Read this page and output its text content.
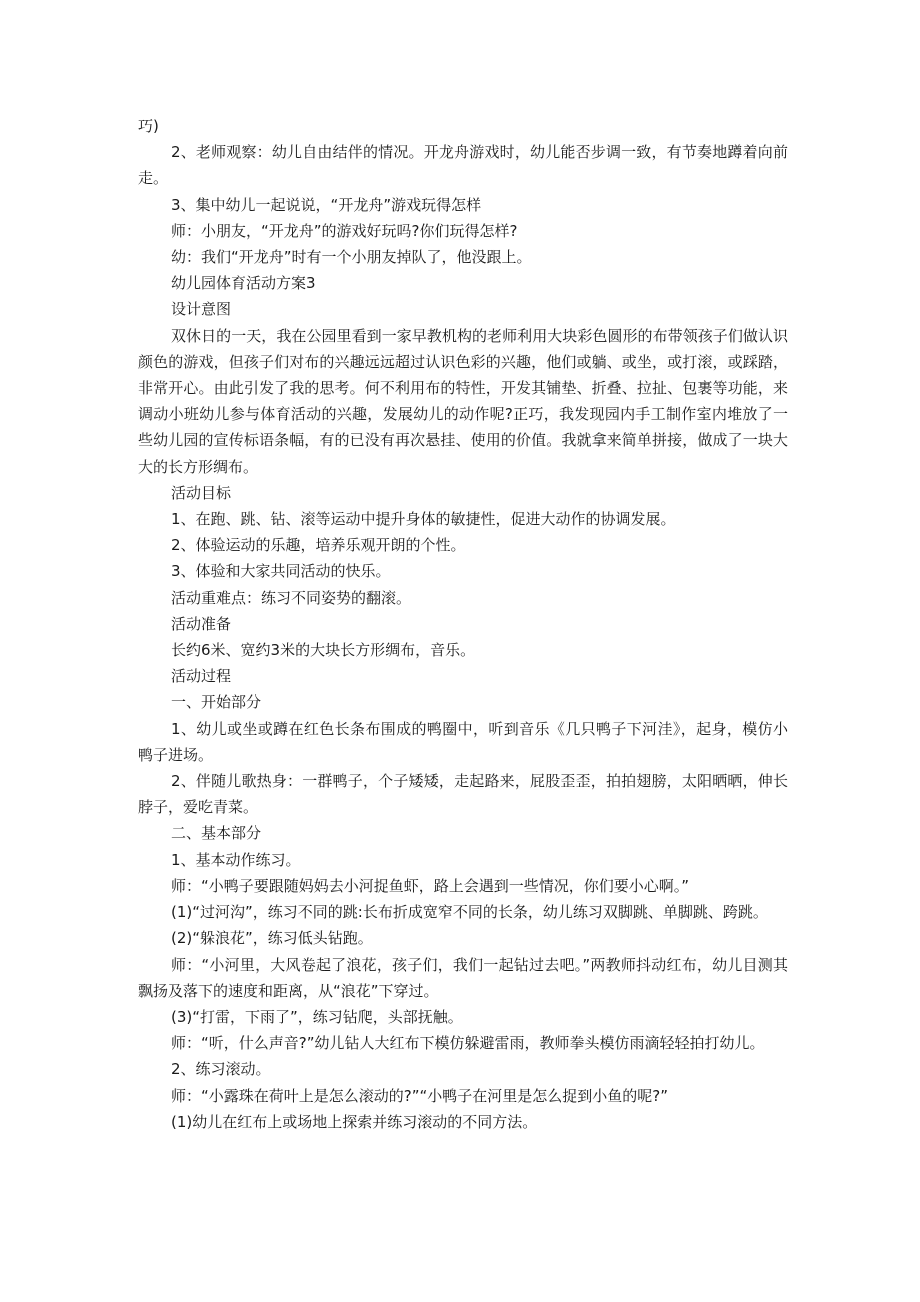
巧)

2、老师观察：幼儿自由结伴的情况。开龙舟游戏时，幼儿能否步调一致，有节奏地蹲着向前走。

3、集中幼儿一起说说，“开龙舟”游戏玩得怎样

师：小朋友，“开龙舟”的游戏好玩吗?你们玩得怎样?

幼：我们“开龙舟”时有一个小朋友掉队了，他没跟上。

幼儿园体育活动方案3

设计意图

双休日的一天，我在公园里看到一家早教机构的老师利用大块彩色圆形的布带领孩子们做认识颜色的游戏，但孩子们对布的兴趣远远超过认识色彩的兴趣，他们或躺、或坐，或打滚，或踩踏，非常开心。由此引发了我的思考。何不利用布的特性，开发其铺垫、折叠、拉扯、包裹等功能，来调动小班幼儿参与体育活动的兴趣，发展幼儿的动作呢?正巧，我发现园内手工制作室内堆放了一些幼儿园的宣传标语条幅，有的已没有再次悬挂、使用的价值。我就拿来简单拼接，做成了一块大大的长方形绸布。

活动目标

1、在跑、跳、钻、滚等运动中提升身体的敏捷性，促进大动作的协调发展。

2、体验运动的乐趣，培养乐观开朗的个性。

3、体验和大家共同活动的快乐。

活动重难点：练习不同姿势的翻滚。

活动准备

长约6米、宽约3米的大块长方形绸布，音乐。

活动过程

一、开始部分

1、幼儿或坐或蹲在红色长条布围成的鸭圈中，听到音乐《几只鸭子下河洼》，起身，模仿小鸭子进场。

2、伴随儿歌热身：一群鸭子，个子矮矮，走起路来，屁股歪歪，拍拍翅膀，太阳晒晒，伸长脖子，爱吃青菜。

二、基本部分

1、基本动作练习。

师：“小鸭子要跟随妈妈去小河捉鱼虾，路上会遇到一些情况，你们要小心啊。”

(1)“过河沟”，练习不同的跳:长布折成宽窄不同的长条，幼儿练习双脚跳、单脚跳、跨跳。

(2)“躲浪花”，练习低头钻跑。

师：“小河里，大风卷起了浪花，孩子们，我们一起钻过去吧。”两教师抖动红布，幼儿目测其飘扬及落下的速度和距离，从“浪花”下穿过。

(3)“打雷，下雨了”，练习钻爬，头部抚触。

师：“听，什么声音?”幼儿钻人大红布下模仿躲避雷雨，教师拳头模仿雨滴轻轻拍打幼儿。

2、练习滚动。

师：“小露珠在荷叶上是怎么滚动的?”“小鸭子在河里是怎么捉到小鱼的呢?”

(1)幼儿在红布上或场地上探索并练习滚动的不同方法。
